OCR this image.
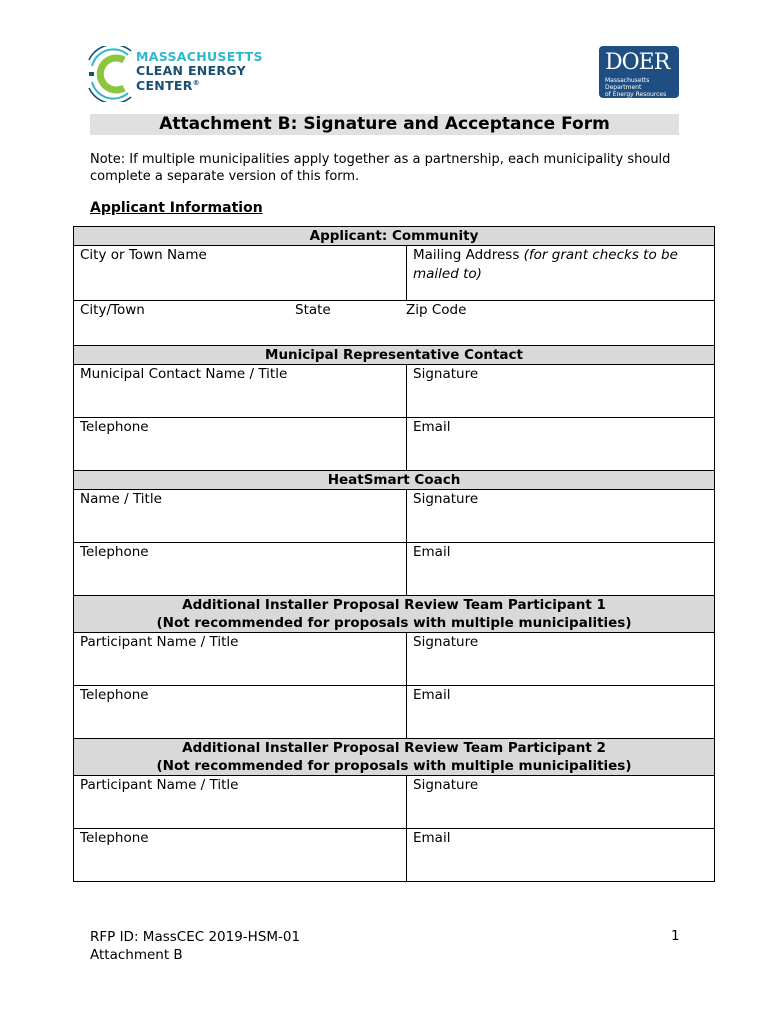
MASSACHUSETTS
CLEAN ENERGY
CENTER®
DOER
Massachusetts Department
of Energy Resources
Attachment B: Signature and Acceptance Form
Note: If multiple municipalities apply together as a partnership, each municipality should complete a separate version of this form.
Applicant Information
Applicant: Community	
City or Town Name	Mailing Address (for grant checks to be mailed to)

City/Town State Zip Code	

Municipal Representative Contact	
Municipal Contact Name / Title	Signature
Telephone	Email
HeatSmart Coach	
Name / Title	Signature
Telephone	Email

Additional Installer Proposal Review Team Participant 1
(Not recommended for proposals with multiple municipalities)	

Participant Name / Title	Signature
Telephone	Email

Additional Installer Proposal Review Team Participant 2
(Not recommended for proposals with multiple municipalities)	

Participant Name / Title	Signature
Telephone	Email
RFP ID: MassCEC 2019-HSM-01
Attachment B
1
